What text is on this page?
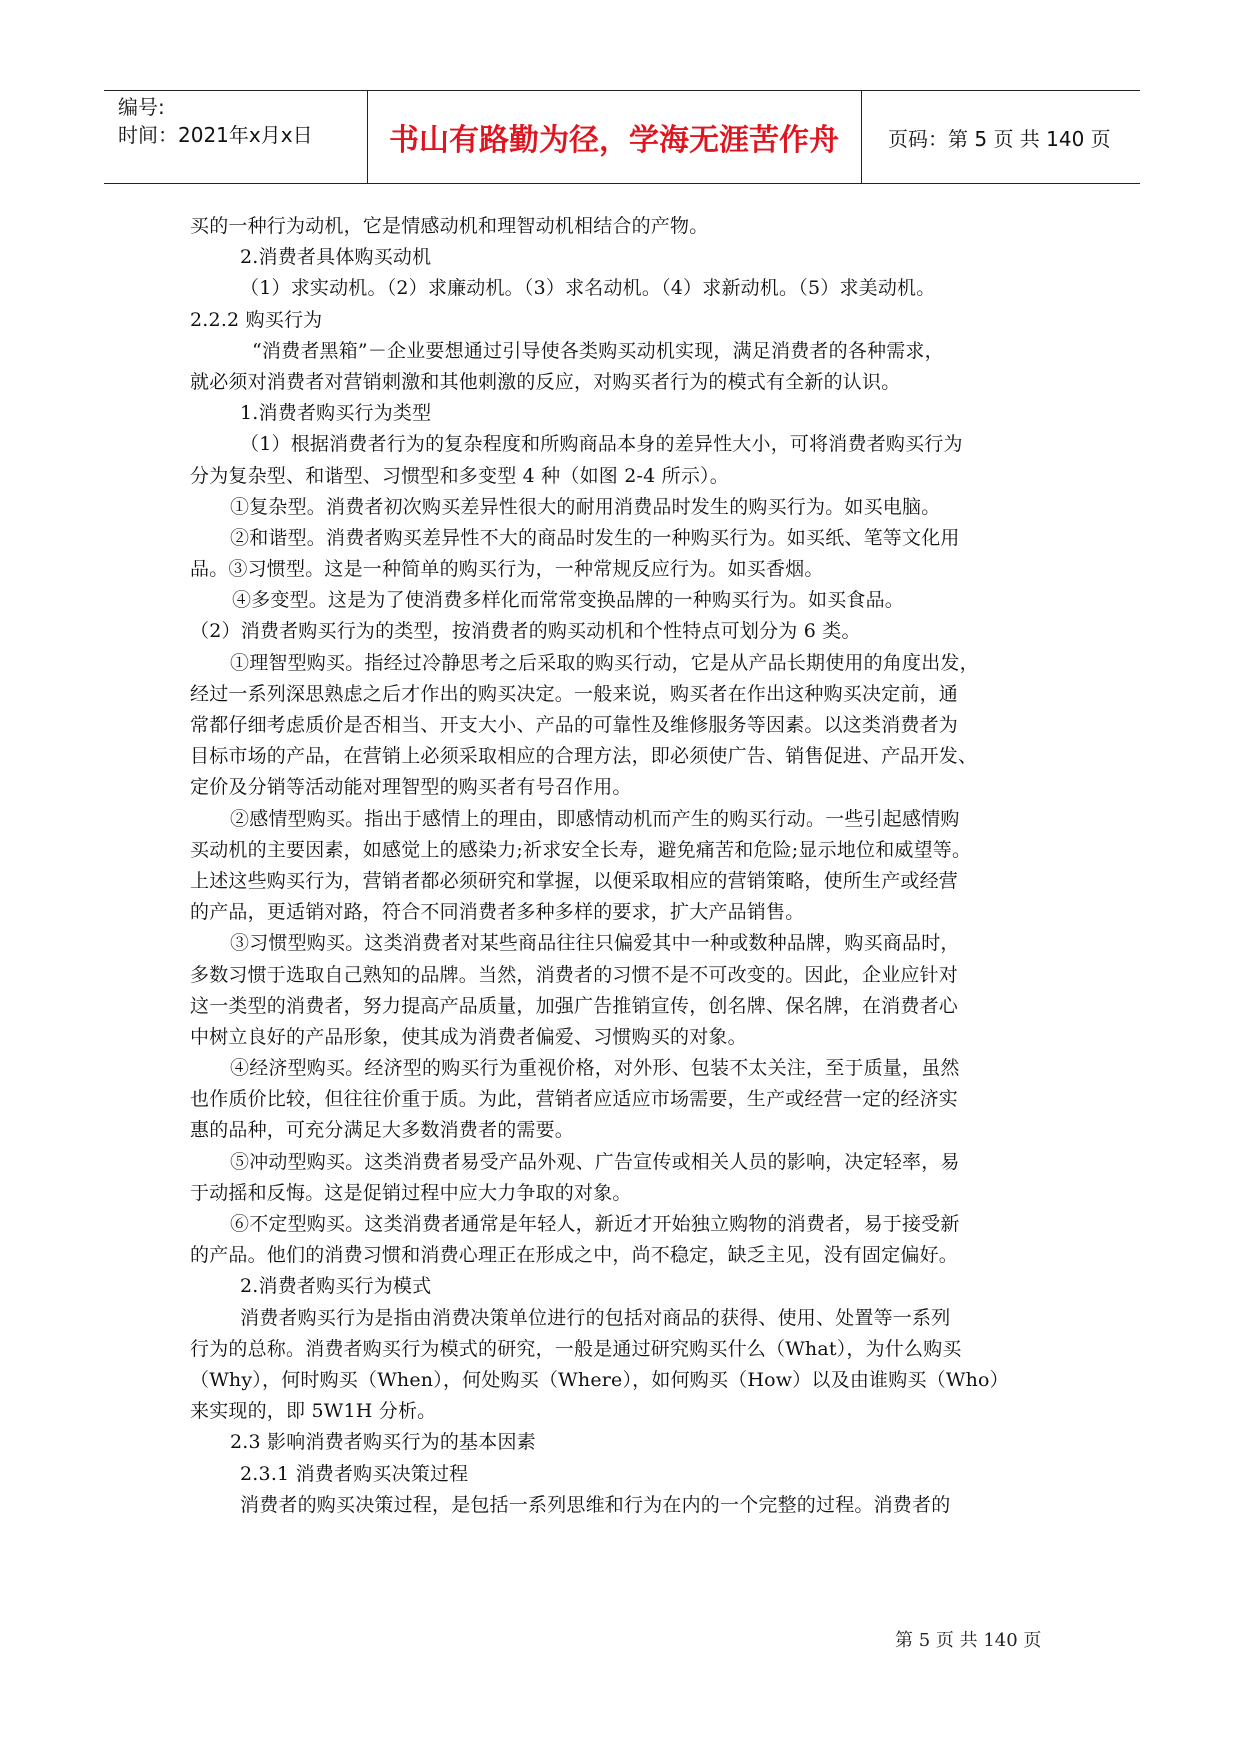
编号:
时间：2021年x月x日	书山有路勤为径，学海无涯苦作舟	页码：第 5 页 共 140 页
买的一种行为动机，它是情感动机和理智动机相结合的产物。
2.消费者具体购买动机
（1）求实动机。（2）求廉动机。（3）求名动机。（4）求新动机。（5）求美动机。
2.2.2 购买行为
“消费者黑箱”－企业要想通过引导使各类购买动机实现，满足消费者的各种需求，
就必须对消费者对营销刺激和其他刺激的反应，对购买者行为的模式有全新的认识。
1.消费者购买行为类型
（1）根据消费者行为的复杂程度和所购商品本身的差异性大小，可将消费者购买行为
分为复杂型、和谐型、习惯型和多变型 4 种（如图 2-4 所示）。
①复杂型。消费者初次购买差异性很大的耐用消费品时发生的购买行为。如买电脑。
②和谐型。消费者购买差异性不大的商品时发生的一种购买行为。如买纸、笔等文化用
品。③习惯型。这是一种简单的购买行为，一种常规反应行为。如买香烟。
④多变型。这是为了使消费多样化而常常变换品牌的一种购买行为。如买食品。
（2）消费者购买行为的类型，按消费者的购买动机和个性特点可划分为 6 类。
①理智型购买。指经过冷静思考之后采取的购买行动，它是从产品长期使用的角度出发，
经过一系列深思熟虑之后才作出的购买决定。一般来说，购买者在作出这种购买决定前，通
常都仔细考虑质价是否相当、开支大小、产品的可靠性及维修服务等因素。以这类消费者为
目标市场的产品，在营销上必须采取相应的合理方法，即必须使广告、销售促进、产品开发、
定价及分销等活动能对理智型的购买者有号召作用。
②感情型购买。指出于感情上的理由，即感情动机而产生的购买行动。一些引起感情购
买动机的主要因素，如感觉上的感染力;祈求安全长寿，避免痛苦和危险;显示地位和威望等。
上述这些购买行为，营销者都必须研究和掌握，以便采取相应的营销策略，使所生产或经营
的产品，更适销对路，符合不同消费者多种多样的要求，扩大产品销售。
③习惯型购买。这类消费者对某些商品往往只偏爱其中一种或数种品牌，购买商品时，
多数习惯于选取自己熟知的品牌。当然，消费者的习惯不是不可改变的。因此，企业应针对
这一类型的消费者，努力提高产品质量，加强广告推销宣传，创名牌、保名牌，在消费者心
中树立良好的产品形象，使其成为消费者偏爱、习惯购买的对象。
④经济型购买。经济型的购买行为重视价格，对外形、包装不太关注，至于质量，虽然
也作质价比较，但往往价重于质。为此，营销者应适应市场需要，生产或经营一定的经济实
惠的品种，可充分满足大多数消费者的需要。
⑤冲动型购买。这类消费者易受产品外观、广告宣传或相关人员的影响，决定轻率，易
于动摇和反悔。这是促销过程中应大力争取的对象。
⑥不定型购买。这类消费者通常是年轻人，新近才开始独立购物的消费者，易于接受新
的产品。他们的消费习惯和消费心理正在形成之中，尚不稳定，缺乏主见，没有固定偏好。
2.消费者购买行为模式
消费者购买行为是指由消费决策单位进行的包括对商品的获得、使用、处置等一系列
行为的总称。消费者购买行为模式的研究，一般是通过研究购买什么（What），为什么购买
（Why），何时购买（When），何处购买（Where），如何购买（How）以及由谁购买（Who）
来实现的，即 5W1H 分析。
2.3 影响消费者购买行为的基本因素
2.3.1 消费者购买决策过程
消费者的购买决策过程，是包括一系列思维和行为在内的一个完整的过程。消费者的
第 5 页 共 140 页
